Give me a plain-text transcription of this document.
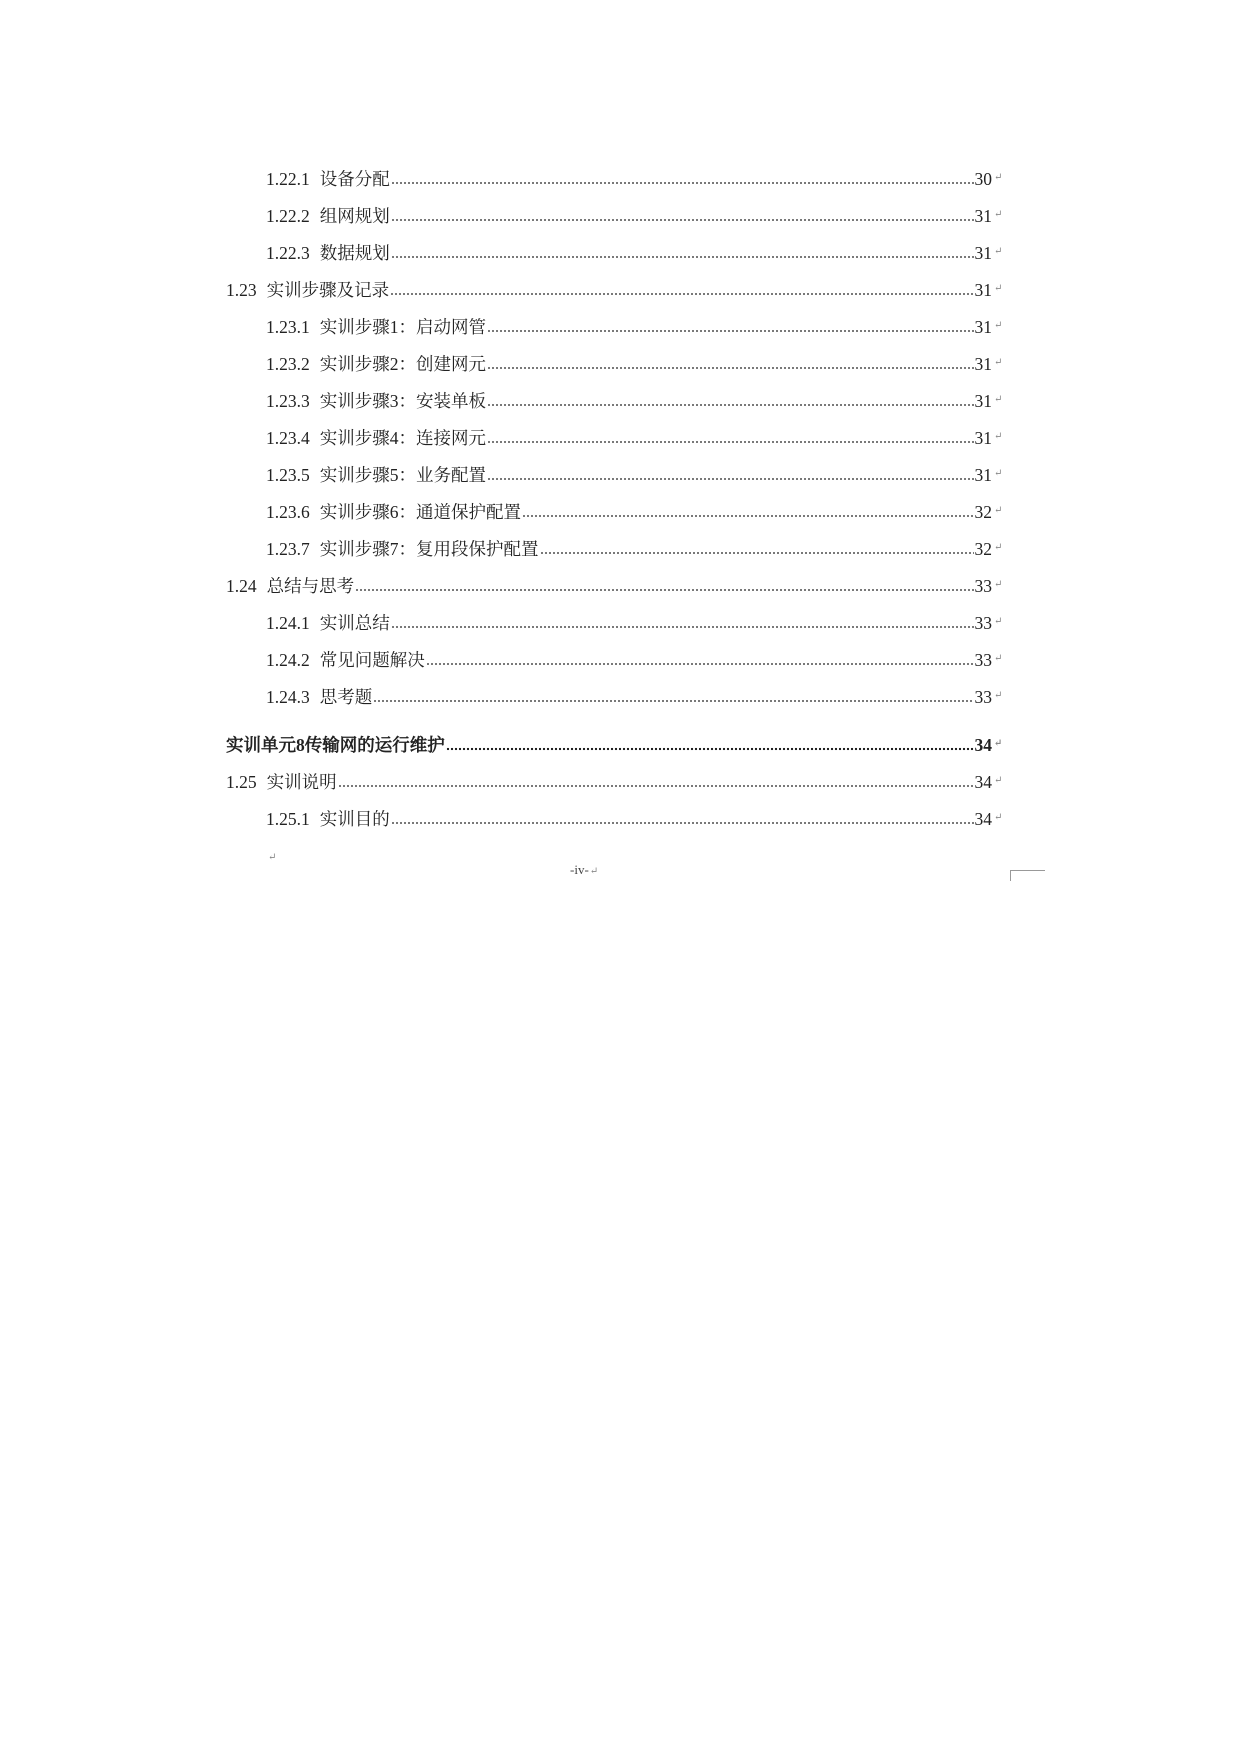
1.22.1 设备分配	30 ↵
1.22.2 组网规划	31 ↵
1.22.3 数据规划	31 ↵
1.23 实训步骤及记录	31 ↵
1.23.1 实训步骤1：启动网管	31 ↵
1.23.2 实训步骤2：创建网元	31 ↵
1.23.3 实训步骤3：安装单板	31 ↵
1.23.4 实训步骤4：连接网元	31 ↵
1.23.5 实训步骤5：业务配置	31 ↵
1.23.6 实训步骤6：通道保护配置	32 ↵
1.23.7 实训步骤7：复用段保护配置	32 ↵
1.24 总结与思考	33 ↵
1.24.1 实训总结	33 ↵
1.24.2 常见问题解决	33 ↵
1.24.3 思考题	33 ↵
实训单元8传输网的运行维护	34 ↵
1.25 实训说明	34 ↵
1.25.1 实训目的	34 ↵
↵
-iv-↵
